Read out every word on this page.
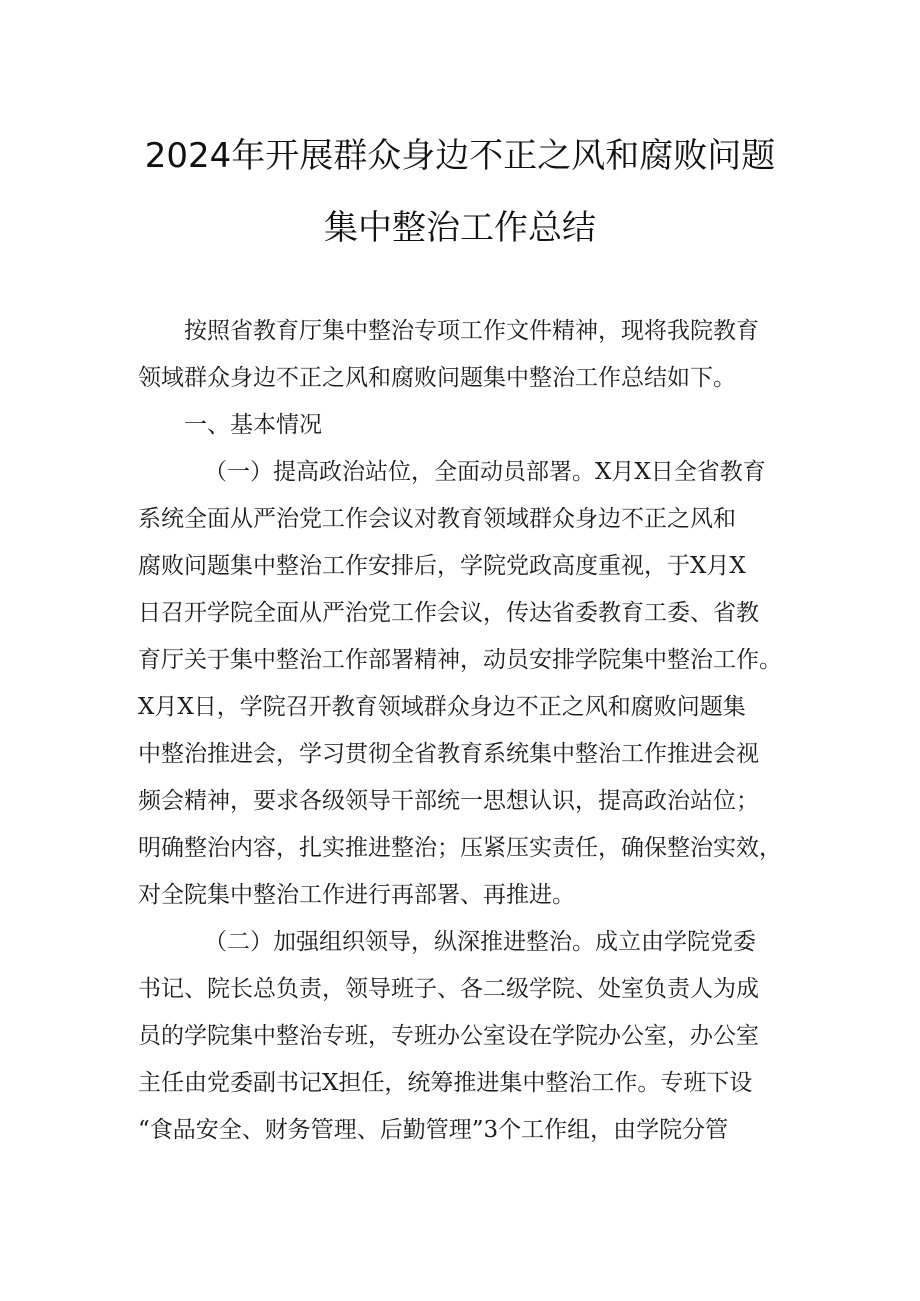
2024年开展群众身边不正之风和腐败问题
集中整治工作总结
按照省教育厅集中整治专项工作文件精神，现将我院教育
领域群众身边不正之风和腐败问题集中整治工作总结如下。
一、基本情况
（一）提高政治站位，全面动员部署。X月X日全省教育
系统全面从严治党工作会议对教育领域群众身边不正之风和
腐败问题集中整治工作安排后，学院党政高度重视，于X月X
日召开学院全面从严治党工作会议，传达省委教育工委、省教
育厅关于集中整治工作部署精神，动员安排学院集中整治工作。
X月X日，学院召开教育领域群众身边不正之风和腐败问题集
中整治推进会，学习贯彻全省教育系统集中整治工作推进会视
频会精神，要求各级领导干部统一思想认识，提高政治站位；
明确整治内容，扎实推进整治；压紧压实责任，确保整治实效，
对全院集中整治工作进行再部署、再推进。
（二）加强组织领导，纵深推进整治。成立由学院党委
书记、院长总负责，领导班子、各二级学院、处室负责人为成
员的学院集中整治专班，专班办公室设在学院办公室，办公室
主任由党委副书记X担任，统筹推进集中整治工作。专班下设
“食品安全、财务管理、后勤管理”3个工作组，由学院分管
